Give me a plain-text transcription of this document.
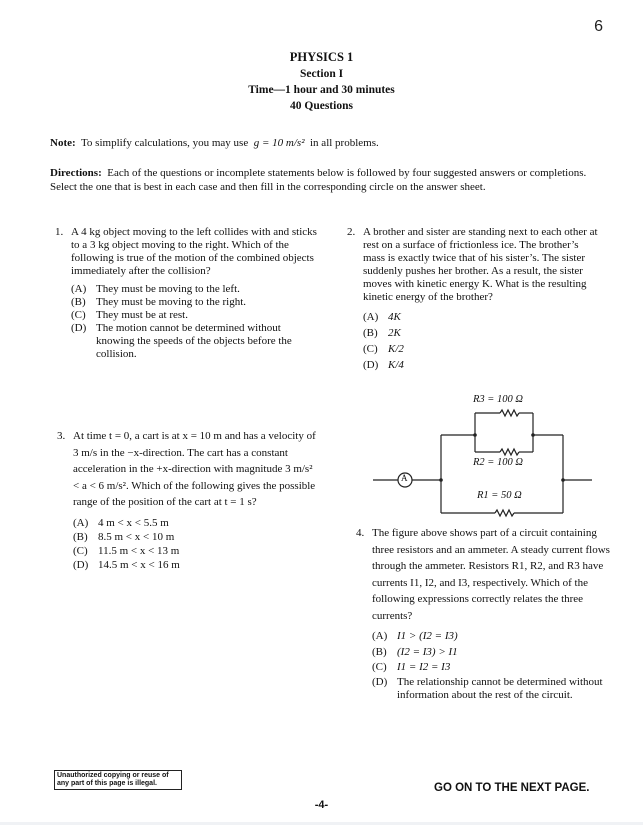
6
PHYSICS 1
Section I
Time—1 hour and 30 minutes
40 Questions
Note: To simplify calculations, you may use g = 10 m/s² in all problems.
Directions: Each of the questions or incomplete statements below is followed by four suggested answers or completions. Select the one that is best in each case and then fill in the corresponding circle on the answer sheet.
1. A 4 kg object moving to the left collides with and sticks to a 3 kg object moving to the right. Which of the following is true of the motion of the combined objects immediately after the collision?
(A) They must be moving to the left.
(B) They must be moving to the right.
(C) They must be at rest.
(D) The motion cannot be determined without knowing the speeds of the objects before the collision.
2. A brother and sister are standing next to each other at rest on a surface of frictionless ice. The brother’s mass is exactly twice that of his sister’s. The sister suddenly pushes her brother. As a result, the sister moves with kinetic energy K. What is the resulting kinetic energy of the brother?
(A) 4K
(B) 2K
(C) K/2
(D) K/4
A
R3 = 100 Ω
R2 = 100 Ω
R1 = 50 Ω
3. At time t = 0, a cart is at x = 10 m and has a velocity of 3 m/s in the −x-direction. The cart has a constant acceleration in the +x-direction with magnitude 3 m/s² < a < 6 m/s². Which of the following gives the possible range of the position of the cart at t = 1 s?
(A) 4 m < x < 5.5 m
(B) 8.5 m < x < 10 m
(C) 11.5 m < x < 13 m
(D) 14.5 m < x < 16 m
4. The figure above shows part of a circuit containing three resistors and an ammeter. A steady current flows through the ammeter. Resistors R1, R2, and R3 have currents I1, I2, and I3, respectively. Which of the following expressions correctly relates the three currents?
(A) I1 > (I2 = I3)
(B) (I2 = I3) > I1
(C) I1 = I2 = I3
(D) The relationship cannot be determined without information about the rest of the circuit.
Unauthorized copying or reuse of any part of this page is illegal.	GO ON TO THE NEXT PAGE.
-4-
